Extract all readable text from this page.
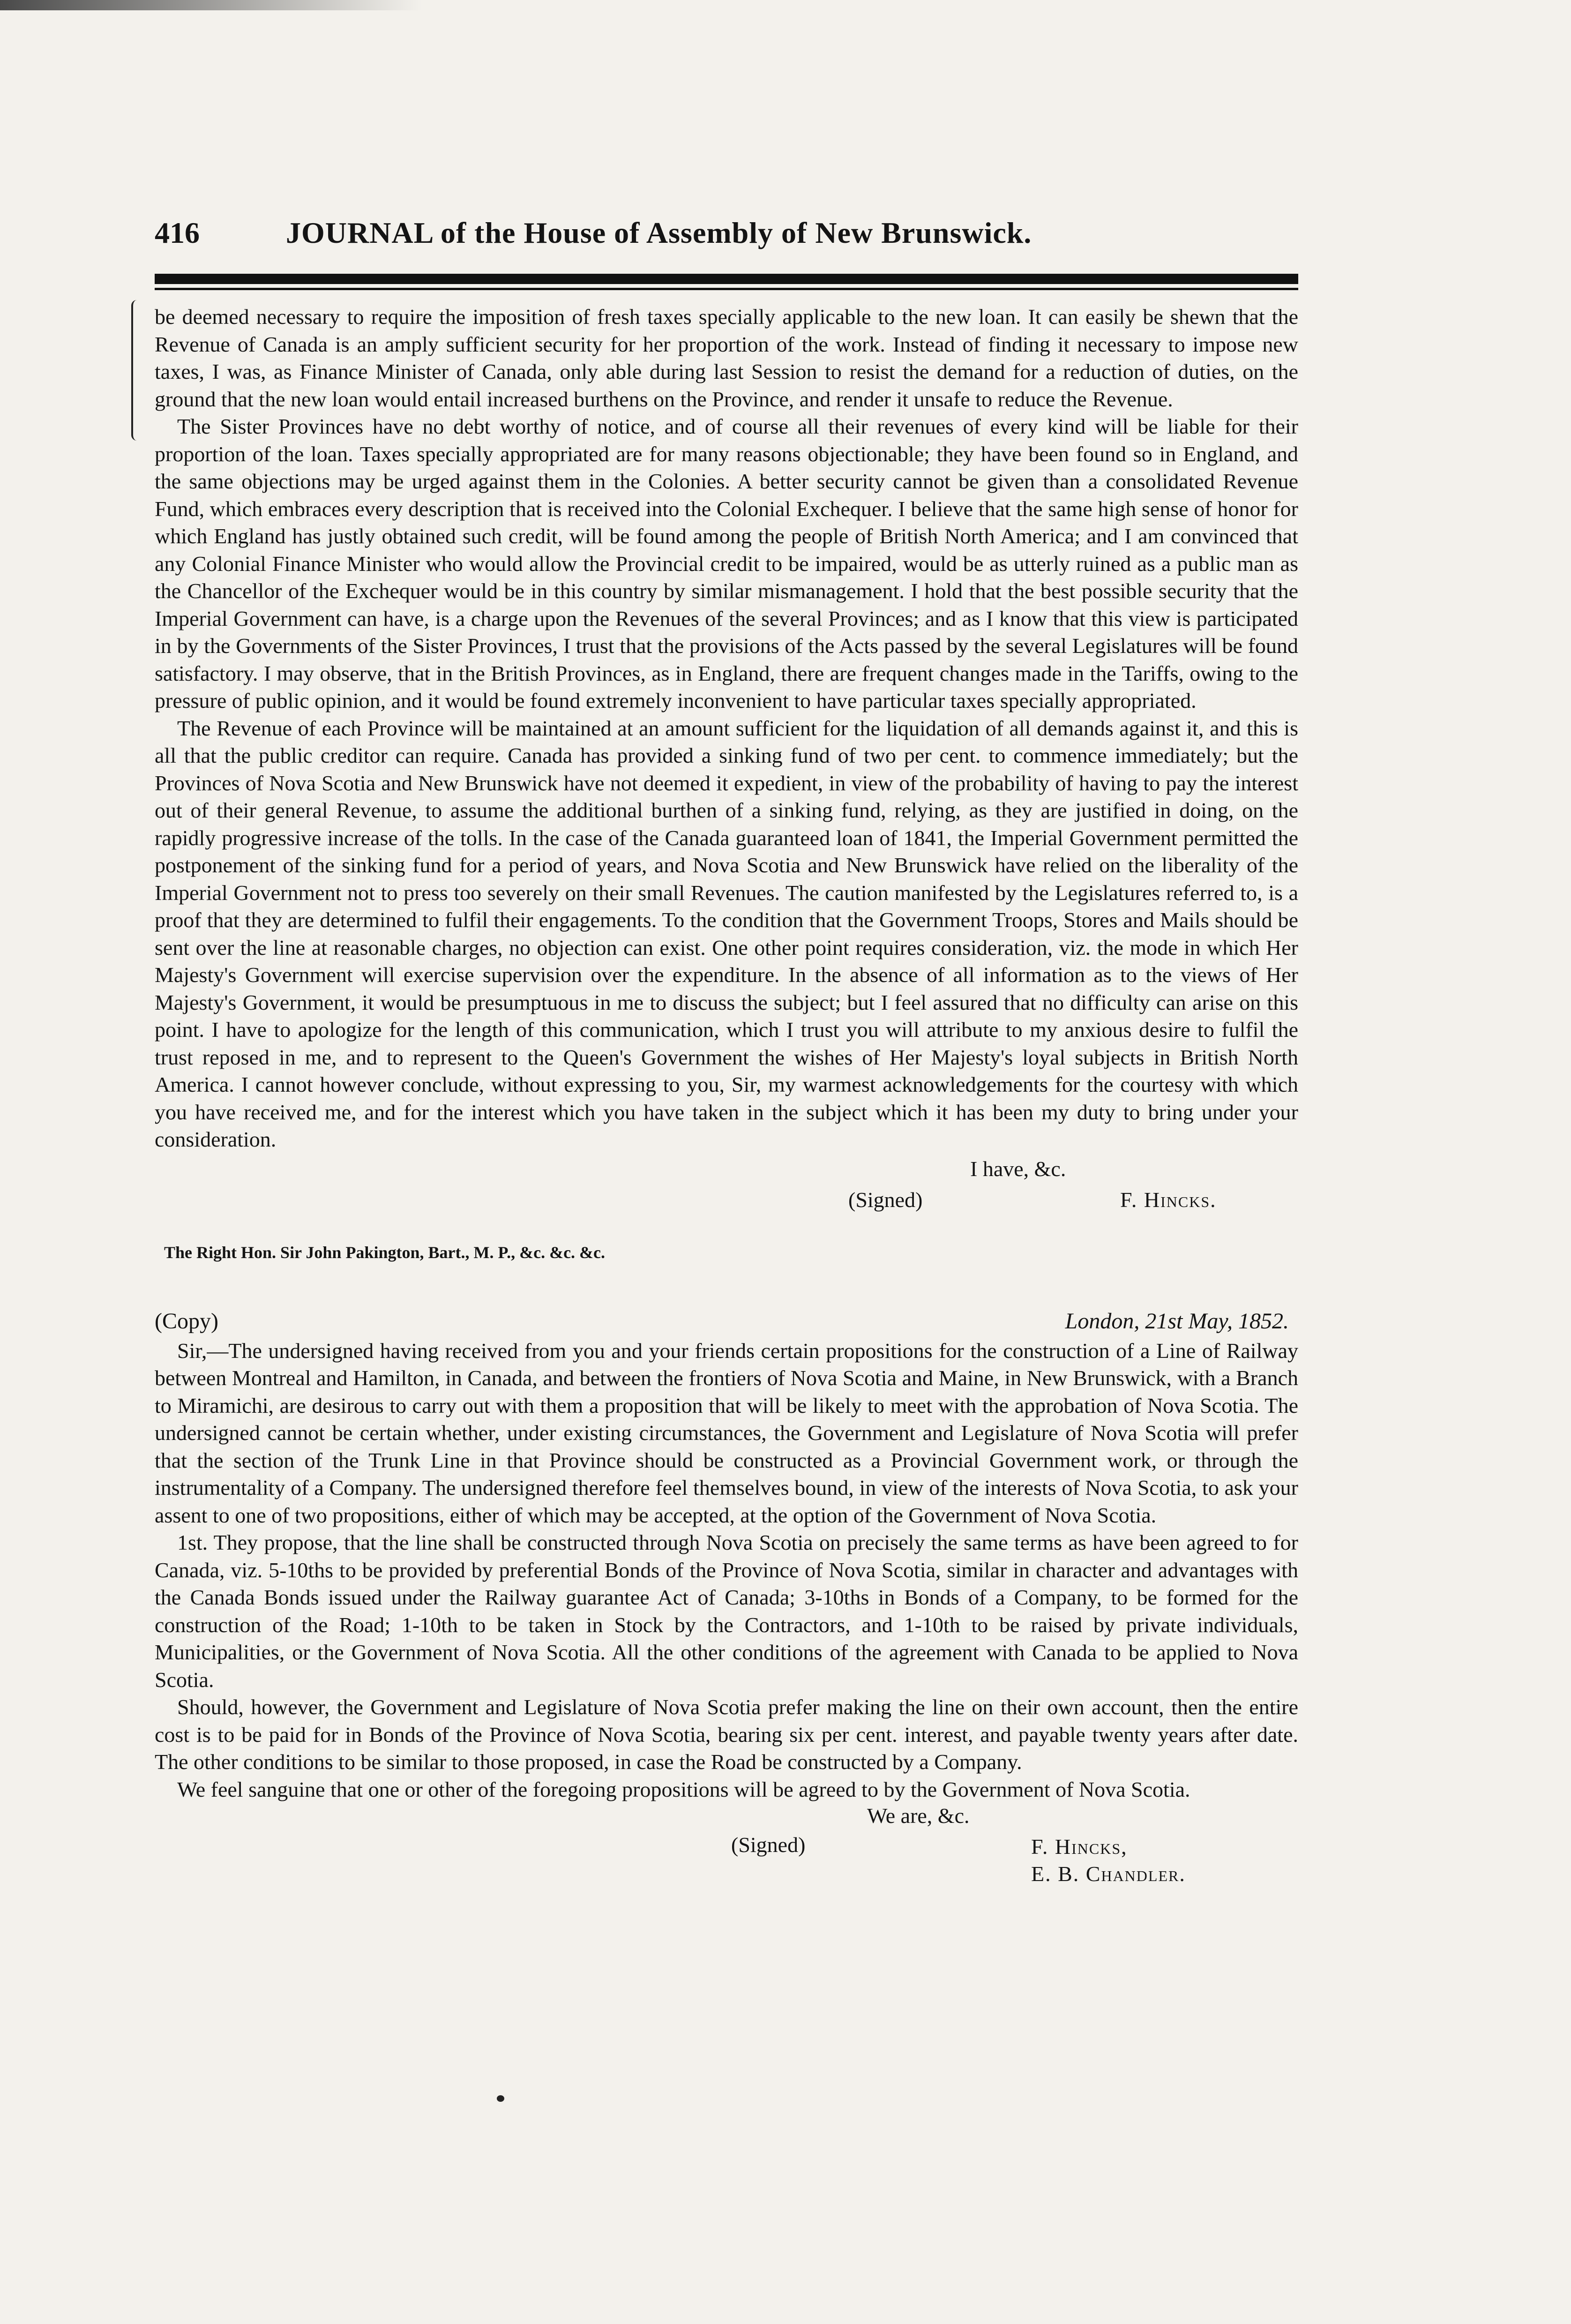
416	JOURNAL of the House of Assembly of New Brunswick.

be deemed necessary to require the imposition of fresh taxes specially applicable to the new loan. It can easily be shewn that the Revenue of Canada is an amply sufficient security for her proportion of the work. Instead of finding it necessary to impose new taxes, I was, as Finance Minister of Canada, only able during last Session to resist the demand for a reduction of duties, on the ground that the new loan would entail increased burthens on the Province, and render it unsafe to reduce the Revenue.

The Sister Provinces have no debt worthy of notice, and of course all their revenues of every kind will be liable for their proportion of the loan. Taxes specially appropriated are for many reasons objectionable; they have been found so in England, and the same objections may be urged against them in the Colonies. A better security cannot be given than a consolidated Revenue Fund, which embraces every description that is received into the Colonial Exchequer. I believe that the same high sense of honor for which England has justly obtained such credit, will be found among the people of British North America; and I am convinced that any Colonial Finance Minister who would allow the Provincial credit to be impaired, would be as utterly ruined as a public man as the Chancellor of the Exchequer would be in this country by similar mismanagement. I hold that the best possible security that the Imperial Government can have, is a charge upon the Revenues of the several Provinces; and as I know that this view is participated in by the Governments of the Sister Provinces, I trust that the provisions of the Acts passed by the several Legislatures will be found satisfactory. I may observe, that in the British Provinces, as in England, there are frequent changes made in the Tariffs, owing to the pressure of public opinion, and it would be found extremely inconvenient to have particular taxes specially appropriated.

The Revenue of each Province will be maintained at an amount sufficient for the liquidation of all demands against it, and this is all that the public creditor can require. Canada has provided a sinking fund of two per cent. to commence immediately; but the Provinces of Nova Scotia and New Brunswick have not deemed it expedient, in view of the probability of having to pay the interest out of their general Revenue, to assume the additional burthen of a sinking fund, relying, as they are justified in doing, on the rapidly progressive increase of the tolls. In the case of the Canada guaranteed loan of 1841, the Imperial Government permitted the postponement of the sinking fund for a period of years, and Nova Scotia and New Brunswick have relied on the liberality of the Imperial Government not to press too severely on their small Revenues. The caution manifested by the Legislatures referred to, is a proof that they are determined to fulfil their engagements. To the condition that the Government Troops, Stores and Mails should be sent over the line at reasonable charges, no objection can exist. One other point requires consideration, viz. the mode in which Her Majesty's Government will exercise supervision over the expenditure. In the absence of all information as to the views of Her Majesty's Government, it would be presumptuous in me to discuss the subject; but I feel assured that no difficulty can arise on this point. I have to apologize for the length of this communication, which I trust you will attribute to my anxious desire to fulfil the trust reposed in me, and to represent to the Queen's Government the wishes of Her Majesty's loyal subjects in British North America. I cannot however conclude, without expressing to you, Sir, my warmest acknowledgements for the courtesy with which you have received me, and for the interest which you have taken in the subject which it has been my duty to bring under your consideration.

I have, &c.
(Signed)	F. Hincks.
The Right Hon. Sir John Pakington, Bart., M. P., &c. &c. &c.
(Copy)	London, 21st May, 1852.

Sir,—The undersigned having received from you and your friends certain propositions for the construction of a Line of Railway between Montreal and Hamilton, in Canada, and between the frontiers of Nova Scotia and Maine, in New Brunswick, with a Branch to Miramichi, are desirous to carry out with them a proposition that will be likely to meet with the approbation of Nova Scotia. The undersigned cannot be certain whether, under existing circumstances, the Government and Legislature of Nova Scotia will prefer that the section of the Trunk Line in that Province should be constructed as a Provincial Government work, or through the instrumentality of a Company. The undersigned therefore feel themselves bound, in view of the interests of Nova Scotia, to ask your assent to one of two propositions, either of which may be accepted, at the option of the Government of Nova Scotia.

1st. They propose, that the line shall be constructed through Nova Scotia on precisely the same terms as have been agreed to for Canada, viz. 5-10ths to be provided by preferential Bonds of the Province of Nova Scotia, similar in character and advantages with the Canada Bonds issued under the Railway guarantee Act of Canada; 3-10ths in Bonds of a Company, to be formed for the construction of the Road; 1-10th to be taken in Stock by the Contractors, and 1-10th to be raised by private individuals, Municipalities, or the Government of Nova Scotia. All the other conditions of the agreement with Canada to be applied to Nova Scotia.

Should, however, the Government and Legislature of Nova Scotia prefer making the line on their own account, then the entire cost is to be paid for in Bonds of the Province of Nova Scotia, bearing six per cent. interest, and payable twenty years after date. The other conditions to be similar to those proposed, in case the Road be constructed by a Company.

We feel sanguine that one or other of the foregoing propositions will be agreed to by the Government of Nova Scotia.

We are, &c.
(Signed)	F. Hincks,
E. B. Chandler.
